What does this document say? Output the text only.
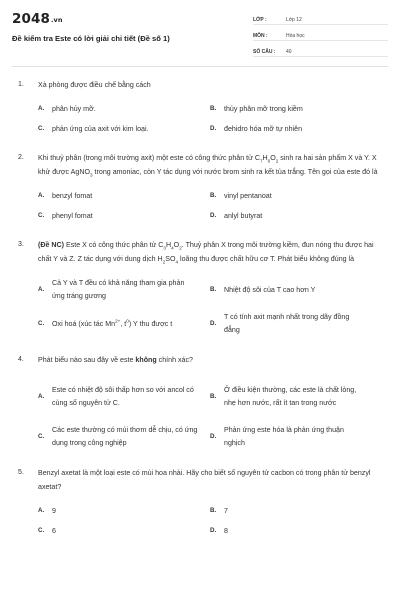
2048.vn
Đề kiểm tra Este có lời giải chi tiết (Đề số 1)
LỚP :	Lớp 12
MÔN :	Hóa học
SỐ CÂU :	40
1.	Xà phòng được điều chế bằng cách
A.	phân hủy mỡ.	B.	thủy phân mỡ trong kiềm
C.	phản ứng của axit với kim loại.	D.	đehidro hóa mỡ tự nhiên
2.	Khi thuỷ phân (trong môi trường axit) một este có công thức phân tử $C_7H_6O_2$ sinh ra hai sản phẩm X và Y. X khử được AgNO$_3$ trong amoniac, còn Y tác dụng với nước brom sinh ra kết tủa trắng. Tên gọi của este đó là
A.	benzyl fomat	B.	vinyl pentanoat
C.	phenyl fomat	D.	anlyl butyrat
3.	(Đề NC) Este X có công thức phân tử $C_3H_4O_2$. Thuỷ phân X trong môi trường kiềm, đun nóng thu được hai chất Y và Z. Z tác dụng với dung dịch $H_2SO_4$ loãng thu được chất hữu cơ T. Phát biểu không đúng là
A.
Cả Y và T đều có khả năng tham gia phản ứng tráng gương
B.	Nhiệt độ sôi của T cao hơn Y
C.	Oxi hoá (xúc tác $Mn^{2+}$, $t^0$) Y thu được t	D.
T có tính axit mạnh nhất trong dãy đồng đẳng
4.	Phát biểu nào sau đây về este không chính xác?
A.
Este có nhiệt độ sôi thấp hơn so với ancol có cùng số nguyên tử C.
B.
Ở điều kiện thường, các este là chất lỏng, nhẹ hơn nước, rất ít tan trong nước
C.
Các este thường có mùi thơm dễ chịu, có ứng dụng trong công nghiệp
D.
Phản ứng este hóa là phản ứng thuận nghịch
5.	Benzyl axetat là một loại este có mùi hoa nhài. Hãy cho biết số nguyên tử cacbon có trong phân tử benzyl axetat?
A.	9	B.	7
C.	6	D.	8
